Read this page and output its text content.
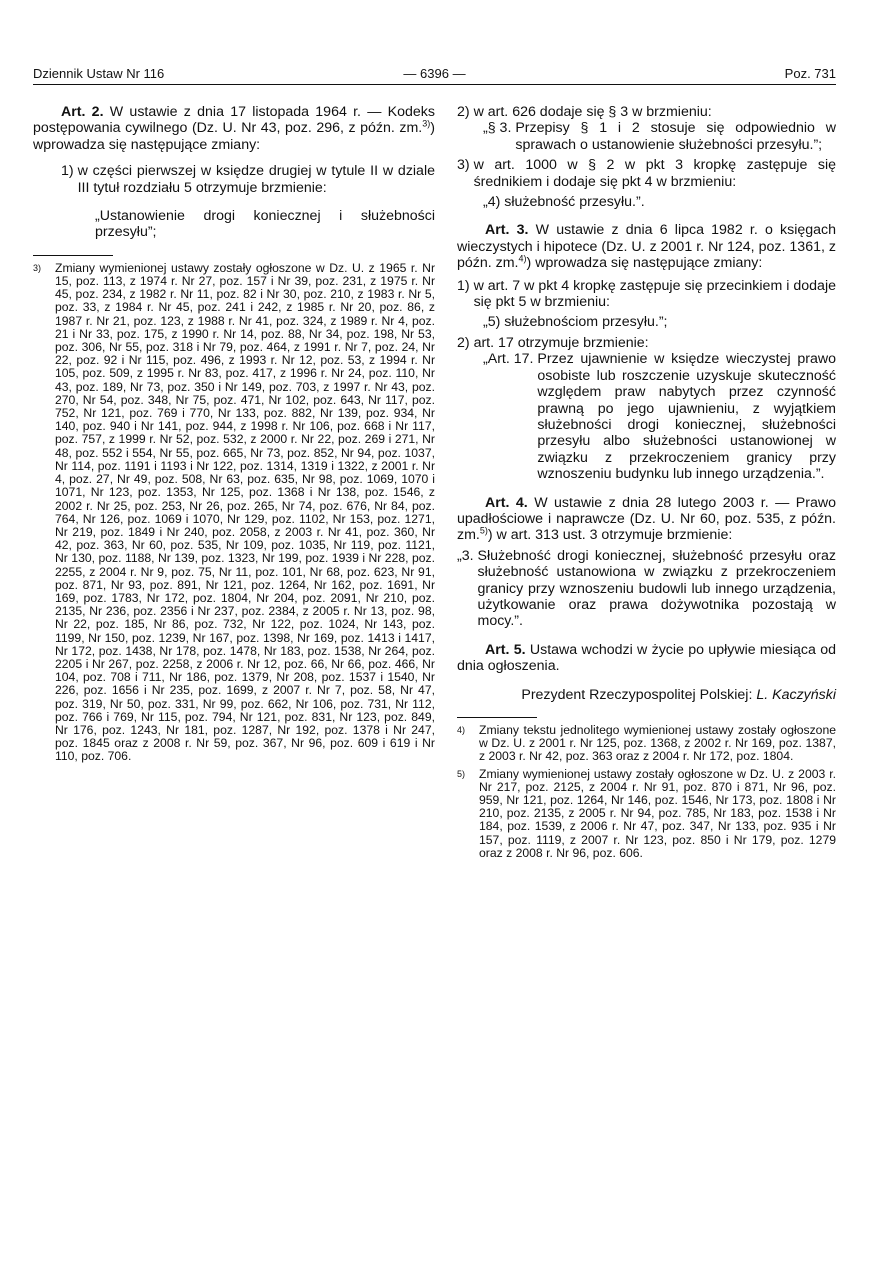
Dziennik Ustaw Nr 116	— 6396 —	Poz. 731

Art. 2. W ustawie z dnia 17 listopada 1964 r. — Kodeks postępowania cywilnego (Dz. U. Nr 43, poz. 296, z późn. zm.$^{3)}$) wprowadza się następujące zmiany:

1) w części pierwszej w księdze drugiej w tytule II w dziale III tytuł rozdziału 5 otrzymuje brzmienie:

„Ustanowienie drogi koniecznej i służebności przesyłu”;

3)	Zmiany wymienionej ustawy zostały ogłoszone w Dz. U. z 1965 r. Nr 15, poz. 113, z 1974 r. Nr 27, poz. 157 i Nr 39, poz. 231, z 1975 r. Nr 45, poz. 234, z 1982 r. Nr 11, poz. 82 i Nr 30, poz. 210, z 1983 r. Nr 5, poz. 33, z 1984 r. Nr 45, poz. 241 i 242, z 1985 r. Nr 20, poz. 86, z 1987 r. Nr 21, poz. 123, z 1988 r. Nr 41, poz. 324, z 1989 r. Nr 4, poz. 21 i Nr 33, poz. 175, z 1990 r. Nr 14, poz. 88, Nr 34, poz. 198, Nr 53, poz. 306, Nr 55, poz. 318 i Nr 79, poz. 464, z 1991 r. Nr 7, poz. 24, Nr 22, poz. 92 i Nr 115, poz. 496, z 1993 r. Nr 12, poz. 53, z 1994 r. Nr 105, poz. 509, z 1995 r. Nr 83, poz. 417, z 1996 r. Nr 24, poz. 110, Nr 43, poz. 189, Nr 73, poz. 350 i Nr 149, poz. 703, z 1997 r. Nr 43, poz. 270, Nr 54, poz. 348, Nr 75, poz. 471, Nr 102, poz. 643, Nr 117, poz. 752, Nr 121, poz. 769 i 770, Nr 133, poz. 882, Nr 139, poz. 934, Nr 140, poz. 940 i Nr 141, poz. 944, z 1998 r. Nr 106, poz. 668 i Nr 117, poz. 757, z 1999 r. Nr 52, poz. 532, z 2000 r. Nr 22, poz. 269 i 271, Nr 48, poz. 552 i 554, Nr 55, poz. 665, Nr 73, poz. 852, Nr 94, poz. 1037, Nr 114, poz. 1191 i 1193 i Nr 122, poz. 1314, 1319 i 1322, z 2001 r. Nr 4, poz. 27, Nr 49, poz. 508, Nr 63, poz. 635, Nr 98, poz. 1069, 1070 i 1071, Nr 123, poz. 1353, Nr 125, poz. 1368 i Nr 138, poz. 1546, z 2002 r. Nr 25, poz. 253, Nr 26, poz. 265, Nr 74, poz. 676, Nr 84, poz. 764, Nr 126, poz. 1069 i 1070, Nr 129, poz. 1102, Nr 153, poz. 1271, Nr 219, poz. 1849 i Nr 240, poz. 2058, z 2003 r. Nr 41, poz. 360, Nr 42, poz. 363, Nr 60, poz. 535, Nr 109, poz. 1035, Nr 119, poz. 1121, Nr 130, poz. 1188, Nr 139, poz. 1323, Nr 199, poz. 1939 i Nr 228, poz. 2255, z 2004 r. Nr 9, poz. 75, Nr 11, poz. 101, Nr 68, poz. 623, Nr 91, poz. 871, Nr 93, poz. 891, Nr 121, poz. 1264, Nr 162, poz. 1691, Nr 169, poz. 1783, Nr 172, poz. 1804, Nr 204, poz. 2091, Nr 210, poz. 2135, Nr 236, poz. 2356 i Nr 237, poz. 2384, z 2005 r. Nr 13, poz. 98, Nr 22, poz. 185, Nr 86, poz. 732, Nr 122, poz. 1024, Nr 143, poz. 1199, Nr 150, poz. 1239, Nr 167, poz. 1398, Nr 169, poz. 1413 i 1417, Nr 172, poz. 1438, Nr 178, poz. 1478, Nr 183, poz. 1538, Nr 264, poz. 2205 i Nr 267, poz. 2258, z 2006 r. Nr 12, poz. 66, Nr 66, poz. 466, Nr 104, poz. 708 i 711, Nr 186, poz. 1379, Nr 208, poz. 1537 i 1540, Nr 226, poz. 1656 i Nr 235, poz. 1699, z 2007 r. Nr 7, poz. 58, Nr 47, poz. 319, Nr 50, poz. 331, Nr 99, poz. 662, Nr 106, poz. 731, Nr 112, poz. 766 i 769, Nr 115, poz. 794, Nr 121, poz. 831, Nr 123, poz. 849, Nr 176, poz. 1243, Nr 181, poz. 1287, Nr 192, poz. 1378 i Nr 247, poz. 1845 oraz z 2008 r. Nr 59, poz. 367, Nr 96, poz. 609 i 619 i Nr 110, poz. 706.
2) w art. 626 dodaje się § 3 w brzmieniu:
„§ 3. Przepisy § 1 i 2 stosuje się odpowiednio w sprawach o ustanowienie służebności przesyłu.”;
3) w art. 1000 w § 2 w pkt 3 kropkę zastępuje się średnikiem i dodaje się pkt 4 w brzmieniu:

„4) służebność przesyłu.”.

Art. 3. W ustawie z dnia 6 lipca 1982 r. o księgach wieczystych i hipotece (Dz. U. z 2001 r. Nr 124, poz. 1361, z późn. zm.$^{4)}$) wprowadza się następujące zmiany:

1) w art. 7 w pkt 4 kropkę zastępuje się przecinkiem i dodaje się pkt 5 w brzmieniu:

„5) służebnościom przesyłu.”;

2) art. 17 otrzymuje brzmienie:
„Art. 17. Przez ujawnienie w księdze wieczystej prawo osobiste lub roszczenie uzyskuje skuteczność względem praw nabytych przez czynność prawną po jego ujawnieniu, z wyjątkiem służebności drogi koniecznej, służebności przesyłu albo służebności ustanowionej w związku z przekroczeniem granicy przy wznoszeniu budynku lub innego urządzenia.”.

Art. 4. W ustawie z dnia 28 lutego 2003 r. — Prawo upadłościowe i naprawcze (Dz. U. Nr 60, poz. 535, z późn. zm.$^{5)}$) w art. 313 ust. 3 otrzymuje brzmienie:

„3. Służebność drogi koniecznej, służebność przesyłu oraz służebność ustanowiona w związku z przekroczeniem granicy przy wznoszeniu budowli lub innego urządzenia, użytkowanie oraz prawa dożywotnika pozostają w mocy.”.

Art. 5. Ustawa wchodzi w życie po upływie miesiąca od dnia ogłoszenia.

Prezydent Rzeczypospolitej Polskiej: L. Kaczyński

4)	Zmiany tekstu jednolitego wymienionej ustawy zostały ogłoszone w Dz. U. z 2001 r. Nr 125, poz. 1368, z 2002 r. Nr 169, poz. 1387, z 2003 r. Nr 42, poz. 363 oraz z 2004 r. Nr 172, poz. 1804.
5)	Zmiany wymienionej ustawy zostały ogłoszone w Dz. U. z 2003 r. Nr 217, poz. 2125, z 2004 r. Nr 91, poz. 870 i 871, Nr 96, poz. 959, Nr 121, poz. 1264, Nr 146, poz. 1546, Nr 173, poz. 1808 i Nr 210, poz. 2135, z 2005 r. Nr 94, poz. 785, Nr 183, poz. 1538 i Nr 184, poz. 1539, z 2006 r. Nr 47, poz. 347, Nr 133, poz. 935 i Nr 157, poz. 1119, z 2007 r. Nr 123, poz. 850 i Nr 179, poz. 1279 oraz z 2008 r. Nr 96, poz. 606.
